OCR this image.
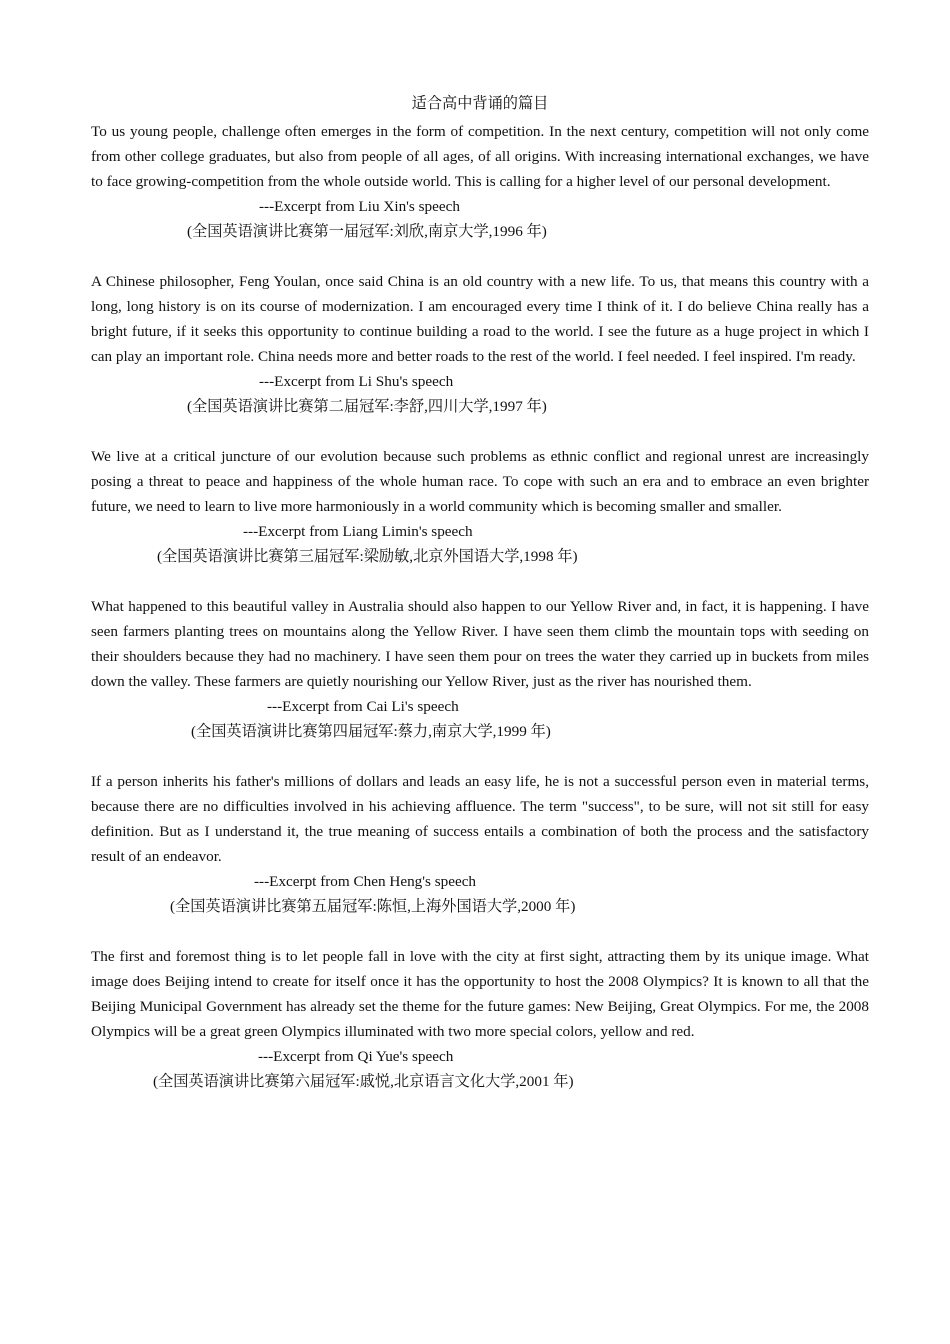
适合高中背诵的篇目

To us young people, challenge often emerges in the form of competition. In the next century, competition will not only come from other college graduates, but also from people of all ages, of all origins. With increasing international exchanges, we have to face growing-competition from the whole outside world. This is calling for a higher level of our personal development.

---Excerpt from Liu Xin's speech

(全国英语演讲比赛第一届冠军:刘欣,南京大学,1996 年)

A Chinese philosopher, Feng Youlan, once said China is an old country with a new life. To us, that means this country with a long, long history is on its course of modernization. I am encouraged every time I think of it. I do believe China really has a bright future, if it seeks this opportunity to continue building a road to the world. I see the future as a huge project in which I can play an important role. China needs more and better roads to the rest of the world. I feel needed. I feel inspired. I'm ready.

---Excerpt from Li Shu's speech

(全国英语演讲比赛第二届冠军:李舒,四川大学,1997 年)

We live at a critical juncture of our evolution because such problems as ethnic conflict and regional unrest are increasingly posing a threat to peace and happiness of the whole human race. To cope with such an era and to embrace an even brighter future, we need to learn to live more harmoniously in a world community which is becoming smaller and smaller.

---Excerpt from Liang Limin's speech

(全国英语演讲比赛第三届冠军:梁励敏,北京外国语大学,1998 年)

What happened to this beautiful valley in Australia should also happen to our Yellow River and, in fact, it is happening. I have seen farmers planting trees on mountains along the Yellow River. I have seen them climb the mountain tops with seeding on their shoulders because they had no machinery. I have seen them pour on trees the water they carried up in buckets from miles down the valley. These farmers are quietly nourishing our Yellow River, just as the river has nourished them.

---Excerpt from Cai Li's speech

(全国英语演讲比赛第四届冠军:蔡力,南京大学,1999 年)

If a person inherits his father's millions of dollars and leads an easy life, he is not a successful person even in material terms, because there are no difficulties involved in his achieving affluence. The term "success", to be sure, will not sit still for easy definition. But as I understand it, the true meaning of success entails a combination of both the process and the satisfactory result of an endeavor.

---Excerpt from Chen Heng's speech

(全国英语演讲比赛第五届冠军:陈恒,上海外国语大学,2000 年)

The first and foremost thing is to let people fall in love with the city at first sight, attracting them by its unique image. What image does Beijing intend to create for itself once it has the opportunity to host the 2008 Olympics? It is known to all that the Beijing Municipal Government has already set the theme for the future games: New Beijing, Great Olympics. For me, the 2008 Olympics will be a great green Olympics illuminated with two more special colors, yellow and red.

---Excerpt from Qi Yue's speech

(全国英语演讲比赛第六届冠军:戚悦,北京语言文化大学,2001 年)
